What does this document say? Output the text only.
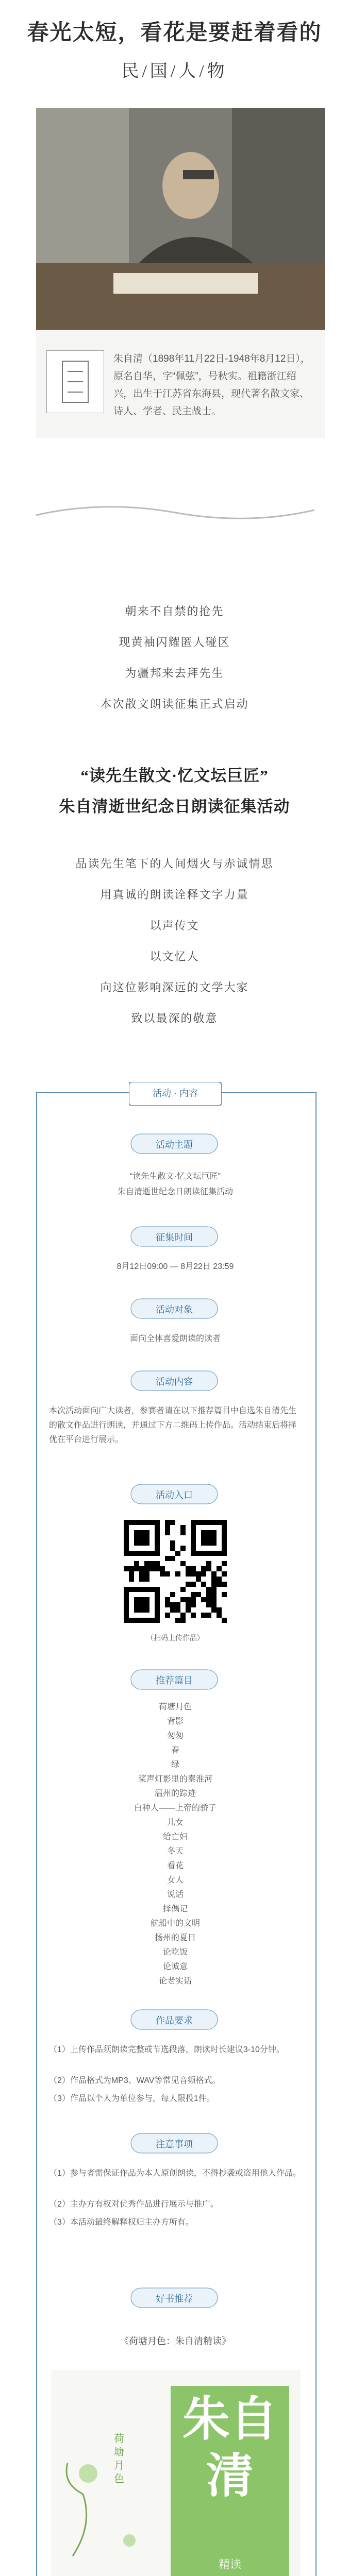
春光太短，看花是要赶着看的
民/国/人/物
朱自清（1898年11月22日-1948年8月12日），原名自华，字“佩弦”，号秋实。祖籍浙江绍兴，出生于江苏省东海县，现代著名散文家、诗人、学者、民主战士。
朝来不自禁的抢先
现黄袖闪耀匿人碰区
为疆邦来去拜先生
本次散文朗读征集正式启动
“读先生散文·忆文坛巨匠”
朱自清逝世纪念日朗读征集活动
品读先生笔下的人间烟火与赤诚情思
用真诚的朗读诠释文字力量
以声传文
以文忆人
向这位影响深远的文学大家
致以最深的敬意
活动 · 内容
活动主题
“读先生散文·忆文坛巨匠”
朱自清逝世纪念日朗读征集活动
征集时间
8月12日09:00 — 8月22日 23:59
活动对象
面向全体喜爱朗读的读者
活动内容
本次活动面向广大读者，参赛者请在以下推荐篇目中自选朱自清先生的散文作品进行朗读，并通过下方二维码上传作品。活动结束后将择优在平台进行展示。
活动入口
（扫码上传作品）
推荐篇目
荷塘月色
背影
匆匆
春
绿
桨声灯影里的秦淮河
温州的踪迹
白种人——上帝的骄子
儿女
给亡妇
冬天
看花
女人
说话
择偶记
航船中的文明
扬州的夏日
论吃饭
论诚意
论老实话
作品要求
（1）上传作品须朗读完整或节选段落，朗读时长建议3-10分钟。
（2）作品格式为MP3、WAV等常见音频格式。
（3）作品以个人为单位参与，每人限投1件。
注意事项
（1）参与者需保证作品为本人原创朗读，不得抄袭或盗用他人作品。
（2）主办方有权对优秀作品进行展示与推广。
（3）本活动最终解释权归主办方所有。
好书推荐
《荷塘月色：朱自清精读》
朱自清
精读
荷塘月色
